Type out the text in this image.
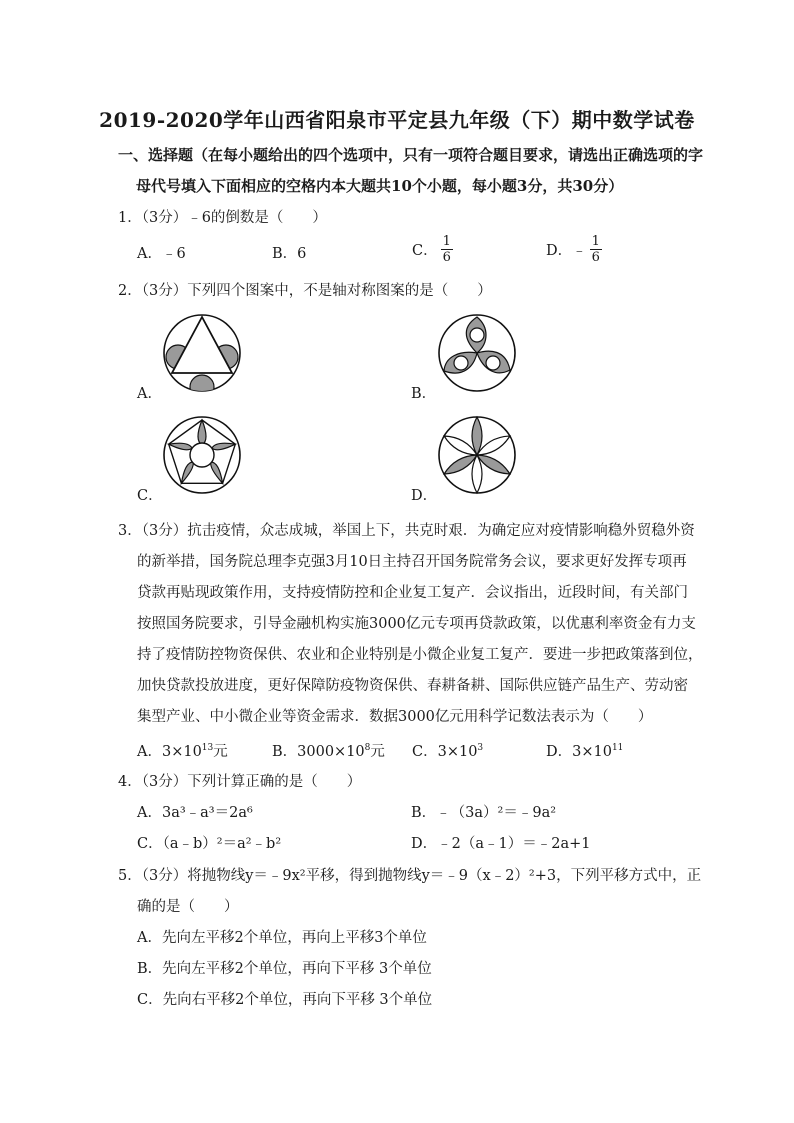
2019-2020学年山西省阳泉市平定县九年级（下）期中数学试卷
一、选择题（在每小题给出的四个选项中，只有一项符合题目要求，请选出正确选项的字
母代号填入下面相应的空格内本大题共10个小题，每小题3分，共30分）
1．（3分）﹣6的倒数是（　　）
A．﹣6	B．6	C． $\frac{1}{6}$	D．﹣ $\frac{1}{6}$
2．（3分）下列四个图案中，不是轴对称图案的是（　　）
A．	B．
C．	D．
3．（3分）抗击疫情，众志成城，举国上下，共克时艰．为确定应对疫情影响稳外贸稳外资
的新举措，国务院总理李克强3月10日主持召开国务院常务会议，要求更好发挥专项再
贷款再贴现政策作用，支持疫情防控和企业复工复产．会议指出，近段时间，有关部门
按照国务院要求，引导金融机构实施3000亿元专项再贷款政策，以优惠利率资金有力支
持了疫情防控物资保供、农业和企业特别是小微企业复工复产．要进一步把政策落到位，
加快贷款投放进度，更好保障防疫物资保供、春耕备耕、国际供应链产品生产、劳动密
集型产业、中小微企业等资金需求．数据3000亿元用科学记数法表示为（　　）
A．$3\times 10^{13}$元	B．$3000\times 10^8$元 C．$3\times 10^3$	D．$3\times 10^{11}$
4．（3分）下列计算正确的是（　　）
A．3a³﹣a³＝2a⁶	B．﹣（3a）²＝﹣9a²
C．（a﹣b）²＝a²﹣b²	D．﹣2（a﹣1）＝﹣2a+1
5．（3分）将抛物线y＝﹣9x²平移，得到抛物线y＝﹣9（x﹣2）²+3，下列平移方式中，正
确的是（　　）
A．先向左平移2个单位，再向上平移3个单位
B．先向左平移2个单位，再向下平移 3个单位
C．先向右平移2个单位，再向下平移 3个单位
